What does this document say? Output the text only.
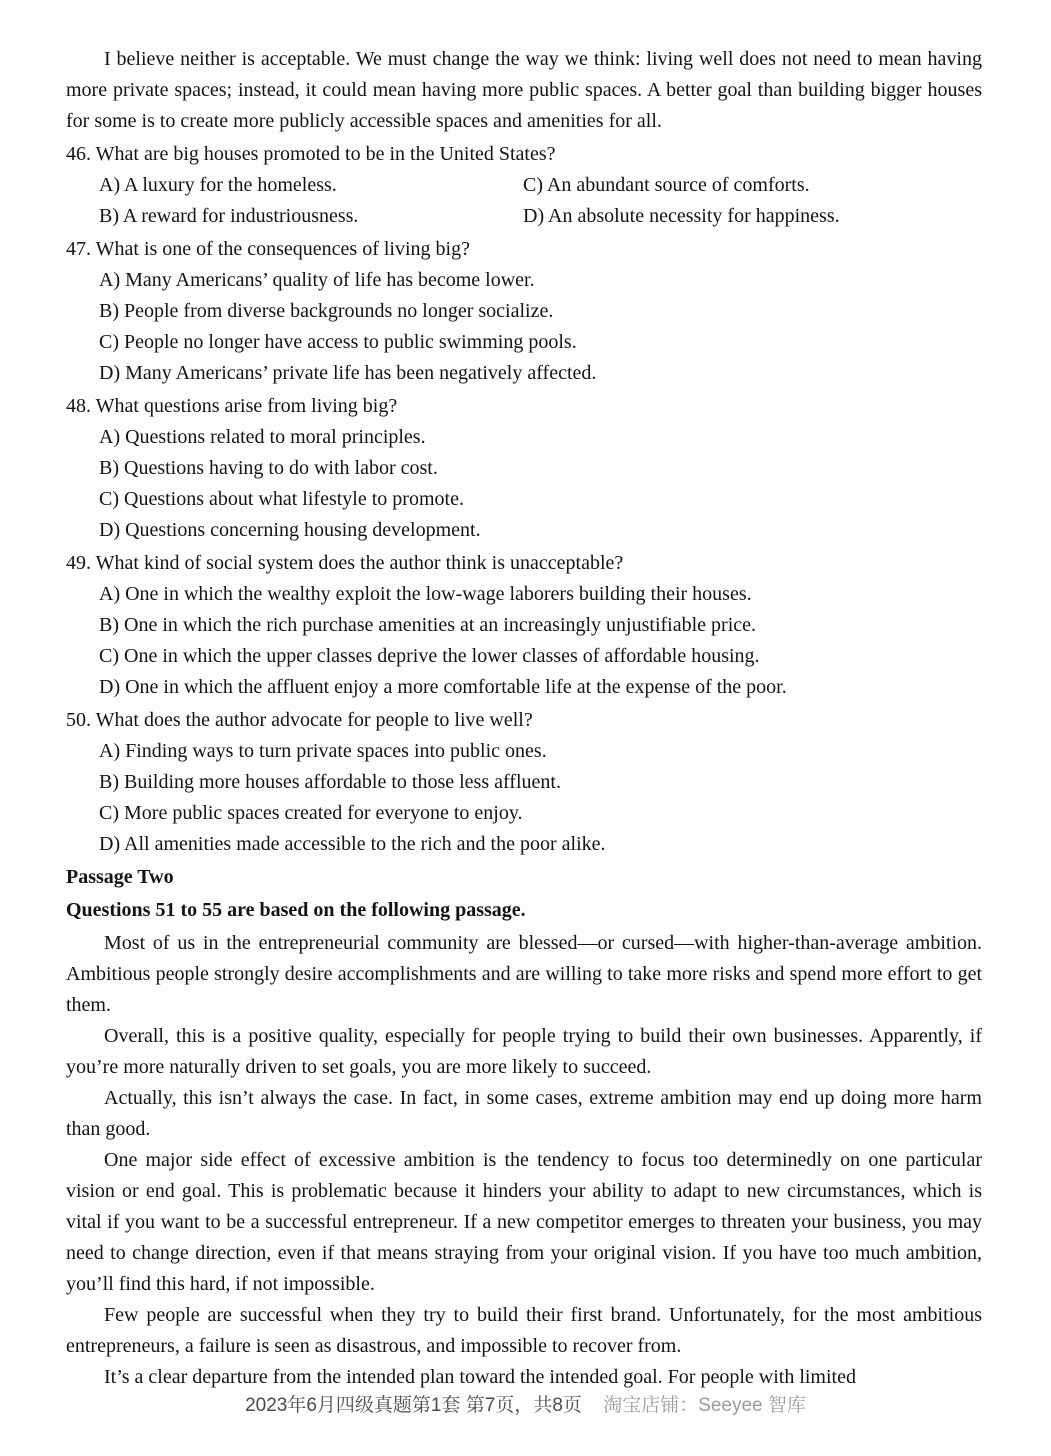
I believe neither is acceptable. We must change the way we think: living well does not need to mean having more private spaces; instead, it could mean having more public spaces. A better goal than building bigger houses for some is to create more publicly accessible spaces and amenities for all.

46. What are big houses promoted to be in the United States?
A) A luxury for the homeless.	C) An abundant source of comforts.
B) A reward for industriousness.	D) An absolute necessity for happiness.
47. What is one of the consequences of living big?
A) Many Americans’ quality of life has become lower.
B) People from diverse backgrounds no longer socialize.
C) People no longer have access to public swimming pools.
D) Many Americans’ private life has been negatively affected.
48. What questions arise from living big?
A) Questions related to moral principles.
B) Questions having to do with labor cost.
C) Questions about what lifestyle to promote.
D) Questions concerning housing development.
49. What kind of social system does the author think is unacceptable?
A) One in which the wealthy exploit the low-wage laborers building their houses.
B) One in which the rich purchase amenities at an increasingly unjustifiable price.
C) One in which the upper classes deprive the lower classes of affordable housing.
D) One in which the affluent enjoy a more comfortable life at the expense of the poor.
50. What does the author advocate for people to live well?
A) Finding ways to turn private spaces into public ones.
B) Building more houses affordable to those less affluent.
C) More public spaces created for everyone to enjoy.
D) All amenities made accessible to the rich and the poor alike.
Passage Two
Questions 51 to 55 are based on the following passage.

Most of us in the entrepreneurial community are blessed—or cursed—with higher-than-average ambition. Ambitious people strongly desire accomplishments and are willing to take more risks and spend more effort to get them.

Overall, this is a positive quality, especially for people trying to build their own businesses. Apparently, if you’re more naturally driven to set goals, you are more likely to succeed.

Actually, this isn’t always the case. In fact, in some cases, extreme ambition may end up doing more harm than good.

One major side effect of excessive ambition is the tendency to focus too determinedly on one particular vision or end goal. This is problematic because it hinders your ability to adapt to new circumstances, which is vital if you want to be a successful entrepreneur. If a new competitor emerges to threaten your business, you may need to change direction, even if that means straying from your original vision. If you have too much ambition, you’ll find this hard, if not impossible.

Few people are successful when they try to build their first brand. Unfortunately, for the most ambitious entrepreneurs, a failure is seen as disastrous, and impossible to recover from.

It’s a clear departure from the intended plan toward the intended goal. For people with limited

2023年6月四级真题第1套 第7页，共8页 淘宝店铺：Seeyee 智库
